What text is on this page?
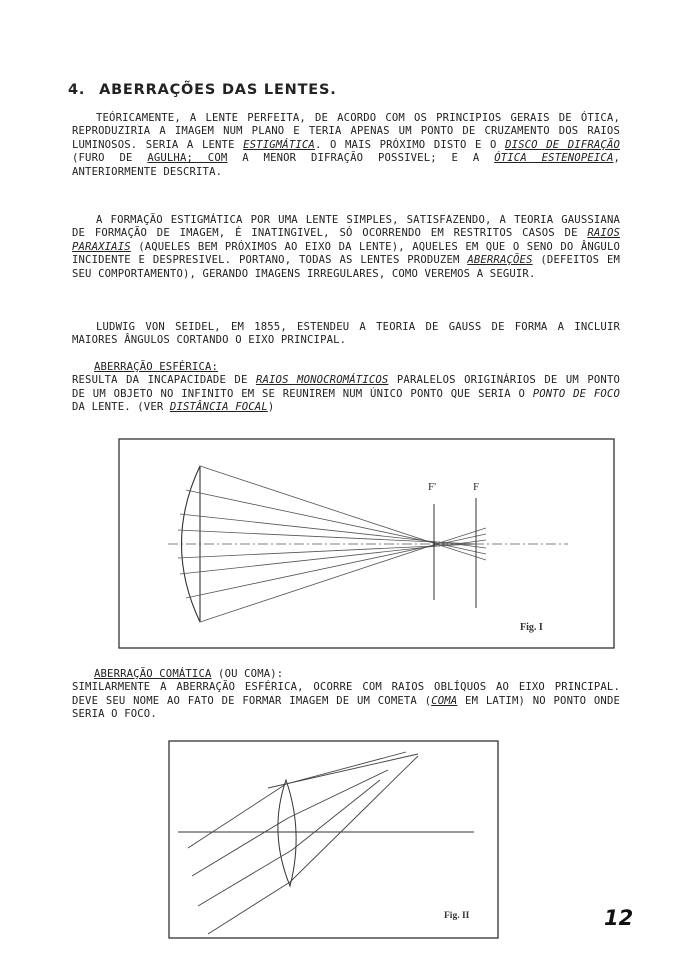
4. ABERRAÇÕES DAS LENTES.

TEÓRICAMENTE, A LENTE PERFEITA, DE ACORDO COM OS PRINCIPIOS GERAIS DE ÓTICA, REPRODUZIRIA A IMAGEM NUM PLANO E TERIA APENAS UM PONTO DE CRUZAMENTO DOS RAIOS LUMINOSOS. SERIA A LENTE ESTIGMÁTICA. O MAIS PRÓXIMO DISTO E O DISCO DE DIFRAÇÃO (FURO DE AGULHA; COM A MENOR DIFRAÇÃO POSSIVEL; E A ÓTICA ESTENOPEICA, ANTERIORMENTE DESCRITA.

A FORMAÇÃO ESTIGMÁTICA POR UMA LENTE SIMPLES, SATISFAZENDO, A TEORIA GAUSSIANA DE FORMAÇÃO DE IMAGEM, É INATINGIVEL, SÓ OCORRENDO EM RESTRITOS CASOS DE RAIOS PARAXIAIS (AQUELES BEM PRÓXIMOS AO EIXO DA LENTE), AQUELES EM QUE O SENO DO ÂNGULO INCIDENTE E DESPRESIVEL. PORTANO, TODAS AS LENTES PRODUZEM ABERRAÇÕES (DEFEITOS EM SEU COMPORTAMENTO), GERANDO IMAGENS IRREGULARES, COMO VEREMOS A SEGUIR.

LUDWIG VON SEIDEL, EM 1855, ESTENDEU A TEORIA DE GAUSS DE FORMA A INCLUIR MAIORES ÂNGULOS CORTANDO O EIXO PRINCIPAL.

ABERRAÇÃO ESFÉRICA:

RESULTA DA INCAPACIDADE DE RAIOS MONOCROMÁTICOS PARALELOS ORIGINÁRIOS DE UM PONTO DE UM OBJETO NO INFINITO EM SE REUNIREM NUM ÚNICO PONTO QUE SERIA O PONTO DE FOCO DA LENTE. (VER DISTÂNCIA FOCAL)

F'	F
Fig. I

ABERRAÇÃO COMÁTICA (OU COMA):

SIMILARMENTE A ABERRAÇÃO ESFÉRICA, OCORRE COM RAIOS OBLÍQUOS AO EIXO PRINCIPAL. DEVE SEU NOME AO FATO DE FORMAR IMAGEM DE UM COMETA (COMA EM LATIM) NO PONTO ONDE SERIA O FOCO.

Fig. II	12
